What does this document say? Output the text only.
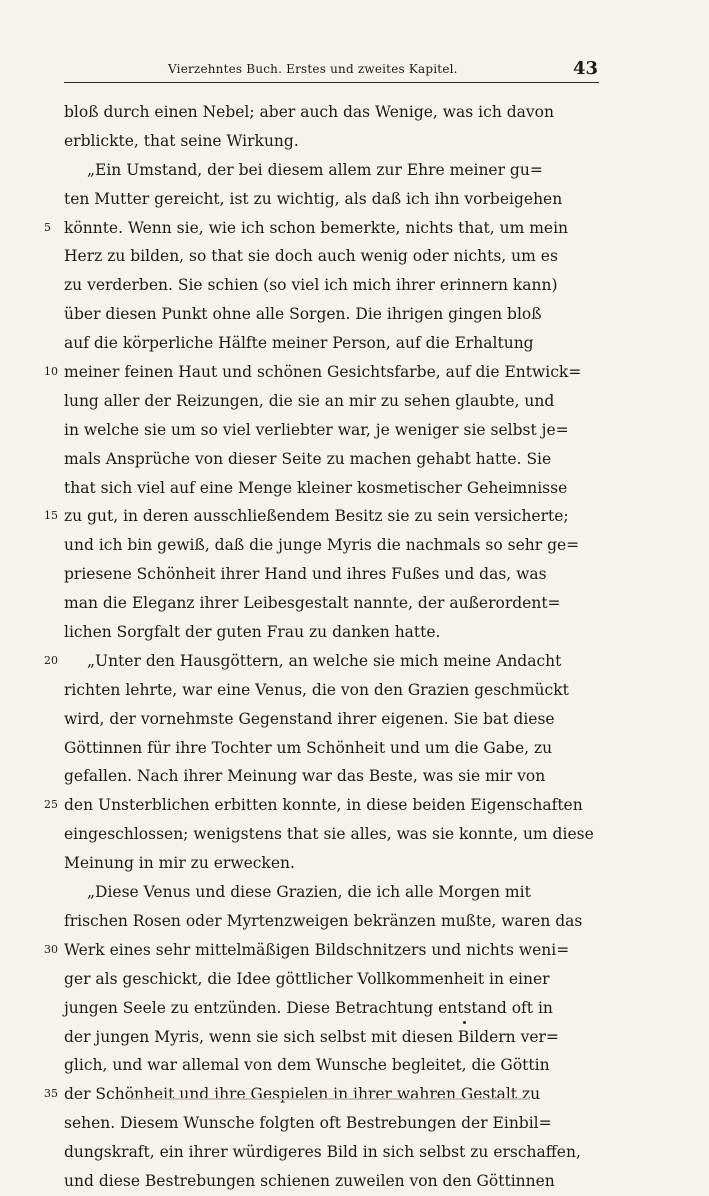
Vierzehntes Buch. Erstes und zweites Kapitel.	43
bloß durch einen Nebel; aber auch das Wenige, was ich davon
erblickte, that seine Wirkung.
„Ein Umstand, der bei diesem allem zur Ehre meiner gu=
ten Mutter gereicht, ist zu wichtig, als daß ich ihn vorbeigehen
5 könnte. Wenn sie, wie ich schon bemerkte, nichts that, um mein
Herz zu bilden, so that sie doch auch wenig oder nichts, um es
zu verderben. Sie schien (so viel ich mich ihrer erinnern kann)
über diesen Punkt ohne alle Sorgen. Die ihrigen gingen bloß
auf die körperliche Hälfte meiner Person, auf die Erhaltung
10 meiner feinen Haut und schönen Gesichtsfarbe, auf die Entwick=
lung aller der Reizungen, die sie an mir zu sehen glaubte, und
in welche sie um so viel verliebter war, je weniger sie selbst je=
mals Ansprüche von dieser Seite zu machen gehabt hatte. Sie
that sich viel auf eine Menge kleiner kosmetischer Geheimnisse
15 zu gut, in deren ausschließendem Besitz sie zu sein versicherte;
und ich bin gewiß, daß die junge Myris die nachmals so sehr ge=
priesene Schönheit ihrer Hand und ihres Fußes und das, was
man die Eleganz ihrer Leibesgestalt nannte, der außerordent=
lichen Sorgfalt der guten Frau zu danken hatte.
20 „Unter den Hausgöttern, an welche sie mich meine Andacht
richten lehrte, war eine Venus, die von den Grazien geschmückt
wird, der vornehmste Gegenstand ihrer eigenen. Sie bat diese
Göttinnen für ihre Tochter um Schönheit und um die Gabe, zu
gefallen. Nach ihrer Meinung war das Beste, was sie mir von
25 den Unsterblichen erbitten konnte, in diese beiden Eigenschaften
eingeschlossen; wenigstens that sie alles, was sie konnte, um diese
Meinung in mir zu erwecken.
„Diese Venus und diese Grazien, die ich alle Morgen mit
frischen Rosen oder Myrtenzweigen bekränzen mußte, waren das
30 Werk eines sehr mittelmäßigen Bildschnitzers und nichts weni=
ger als geschickt, die Idee göttlicher Vollkommenheit in einer
jungen Seele zu entzünden. Diese Betrachtung entstand oft in
der jungen Myris, wenn sie sich selbst mit diesen Bildern ver=
glich, und war allemal von dem Wunsche begleitet, die Göttin
35 der Schönheit und ihre Gespielen in ihrer wahren Gestalt zu
sehen. Diesem Wunsche folgten oft Bestrebungen der Einbil=
dungskraft, ein ihrer würdigeres Bild in sich selbst zu erschaffen,
und diese Bestrebungen schienen zuweilen von den Göttinnen
